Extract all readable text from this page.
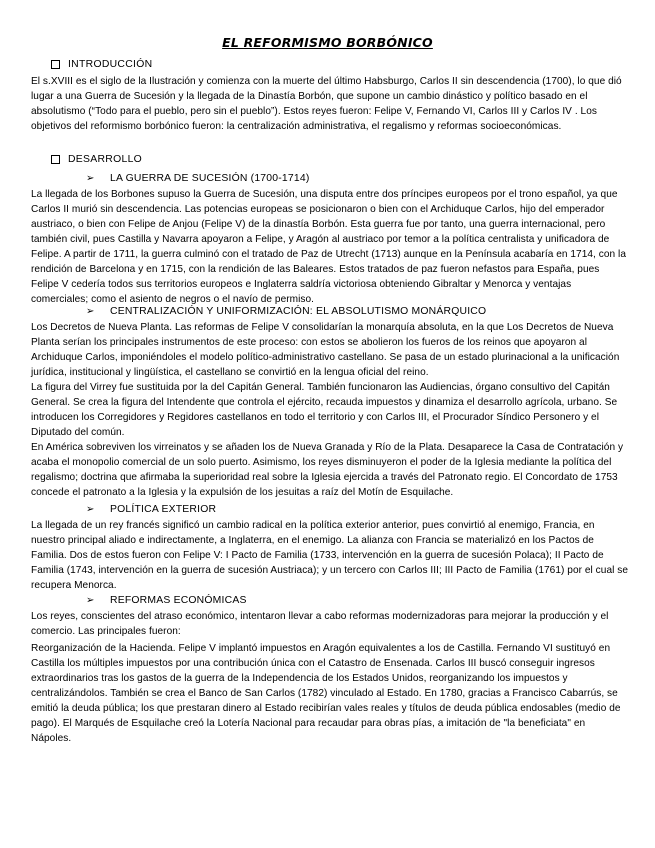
EL REFORMISMO BORBÓNICO
INTRODUCCIÓN
El s.XVIII es el siglo de la Ilustración y comienza con la muerte del último Habsburgo, Carlos II sin descendencia (1700), lo que dió lugar a una Guerra de Sucesión y la llegada de la Dinastía Borbón, que supone un cambio dinástico y político basado en el absolutismo (“Todo para el pueblo, pero sin el pueblo”). Estos reyes fueron: Felipe V, Fernando VI, Carlos III y Carlos IV . Los objetivos del reformismo borbónico fueron: la centralización administrativa, el regalismo y reformas socioeconómicas.
DESARROLLO
➢	LA GUERRA DE SUCESIÓN (1700-1714)
La llegada de los Borbones supuso la Guerra de Sucesión, una disputa entre dos príncipes europeos por el trono español, ya que Carlos II murió sin descendencia. Las potencias europeas se posicionaron o bien con el Archiduque Carlos, hijo del emperador austriaco, o bien con Felipe de Anjou (Felipe V) de la dinastía Borbón. Esta guerra fue por tanto, una guerra internacional, pero también civil, pues Castilla y Navarra apoyaron a Felipe, y Aragón al austriaco por temor a la política centralista y unificadora de Felipe. A partir de 1711, la guerra culminó con el tratado de Paz de Utrecht (1713) aunque en la Península acabaría en 1714, con la rendición de Barcelona y en 1715, con la rendición de las Baleares. Estos tratados de paz fueron nefastos para España, pues Felipe V cedería todos sus territorios europeos e Inglaterra saldría victoriosa obteniendo Gibraltar y Menorca y ventajas comerciales; como el asiento de negros o el navío de permiso.
➢	CENTRALIZACIÓN Y UNIFORMIZACIÓN: EL ABSOLUTISMO MONÁRQUICO
Los Decretos de Nueva Planta. Las reformas de Felipe V consolidarían la monarquía absoluta, en la que Los Decretos de Nueva Planta serían los principales instrumentos de este proceso: con estos se abolieron los fueros de los reinos que apoyaron al Archiduque Carlos, imponiéndoles el modelo político-administrativo castellano. Se pasa de un estado plurinacional a la unificación jurídica, institucional y lingüística, el castellano se convirtió en la lengua oficial del reino.
La figura del Virrey fue sustituida por la del Capitán General. También funcionaron las Audiencias, órgano consultivo del Capitán General. Se crea la figura del Intendente que controla el ejército, recauda impuestos y dinamiza el desarrollo agrícola, urbano. Se introducen los Corregidores y Regidores castellanos en todo el territorio y con Carlos III, el Procurador Síndico Personero y el Diputado del común.
En América sobreviven los virreinatos y se añaden los de Nueva Granada y Río de la Plata. Desaparece la Casa de Contratación y acaba el monopolio comercial de un solo puerto. Asimismo, los reyes disminuyeron el poder de la Iglesia mediante la política del regalismo; doctrina que afirmaba la superioridad real sobre la Iglesia ejercida a través del Patronato regio. El Concordato de 1753 concede el patronato a la Iglesia y la expulsión de los jesuitas a raíz del Motín de Esquilache.
➢	POLÍTICA EXTERIOR
La llegada de un rey francés significó un cambio radical en la política exterior anterior, pues convirtió al enemigo, Francia, en nuestro principal aliado e indirectamente, a Inglaterra, en el enemigo. La alianza con Francia se materializó en los Pactos de Familia. Dos de estos fueron con Felipe V: I Pacto de Familia (1733, intervención en la guerra de sucesión Polaca); II Pacto de Familia (1743, intervención en la guerra de sucesión Austriaca); y un tercero con Carlos III; III Pacto de Familia (1761) por el cual se recupera Menorca.
➢	REFORMAS ECONÓMICAS
Los reyes, conscientes del atraso económico, intentaron llevar a cabo reformas modernizadoras para mejorar la producción y el comercio. Las principales fueron:
Reorganización de la Hacienda. Felipe V implantó impuestos en Aragón equivalentes a los de Castilla. Fernando VI sustituyó en Castilla los múltiples impuestos por una contribución única con el Catastro de Ensenada. Carlos III buscó conseguir ingresos extraordinarios tras los gastos de la guerra de la Independencia de los Estados Unidos, reorganizando los impuestos y centralizándolos. También se crea el Banco de San Carlos (1782) vinculado al Estado. En 1780, gracias a Francisco Cabarrús, se emitió la deuda pública; los que prestaran dinero al Estado recibirían vales reales y títulos de deuda pública endosables (medio de pago). El Marqués de Esquilache creó la Lotería Nacional para recaudar para obras pías, a imitación de "la beneficiata" en Nápoles.
